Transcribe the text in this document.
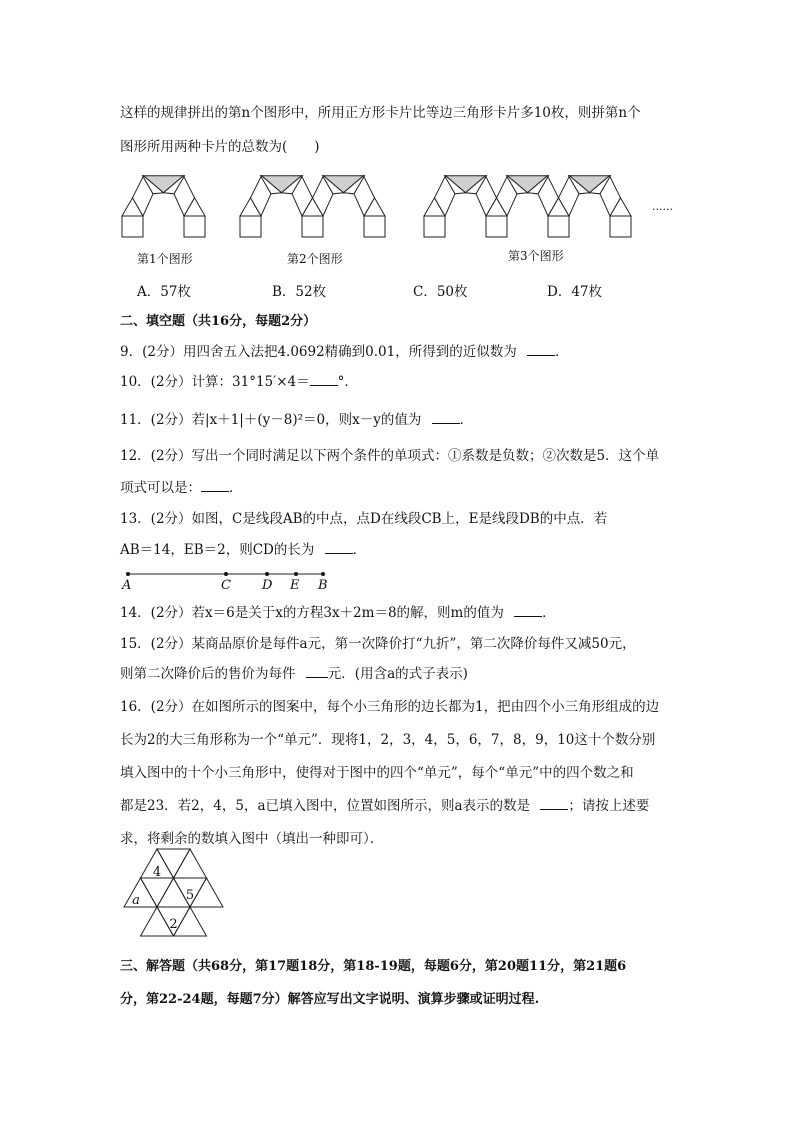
这样的规律拼出的第n个图形中，所用正方形卡片比等边三角形卡片多10枚，则拼第n个
图形所用两种卡片的总数为(　　)
第1个图形	第2个图形	第3个图形
......
A．57枚	B．52枚	C．50枚	D．47枚
二、填空题（共16分，每题2分）
9．(2分）用四舍五入法把4.0692精确到0.01，所得到的近似数为	．
10．(2分）计算：31°15′×4＝ °．
11．(2分）若|x＋1|＋(y－8)²＝0，则x－y的值为	．
12．(2分）写出一个同时满足以下两个条件的单项式：①系数是负数；②次数是5．这个单
项式可以是： ．
13．(2分）如图，C是线段AB的中点，点D在线段CB上，E是线段DB的中点．若
AB＝14，EB＝2，则CD的长为	．
A	C D E B
14．(2分）若x＝6是关于x的方程3x＋2m＝8的解，则m的值为	．
15．(2分）某商品原价是每件a元，第一次降价打“九折”，第二次降价每件又减50元，
则第二次降价后的售价为每件 元．(用含a的式子表示)
16．(2分）在如图所示的图案中，每个小三角形的边长都为1，把由四个小三角形组成的边
长为2的大三角形称为一个“单元”．现将1，2，3，4，5，6，7，8，9，10这十个数分别
填入图中的十个小三角形中，使得对于图中的四个“单元”，每个“单元”中的四个数之和
都是23．若2，4，5，a已填入图中，位置如图所示，则a表示的数是	；请按上述要
求，将剩余的数填入图中（填出一种即可）．
4
5
a
2
三、解答题（共68分，第17题18分，第18-19题，每题6分，第20题11分，第21题6
分，第22-24题，每题7分）解答应写出文字说明、演算步骤或证明过程.
